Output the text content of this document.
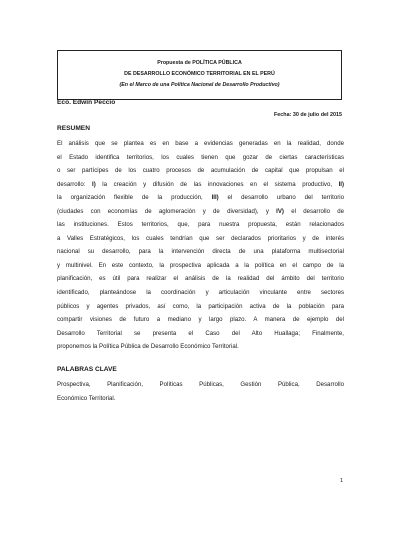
Propuesta de POLÍTICA PÚBLICA
DE DESARROLLO ECONÓMICO TERRITORIAL EN EL PERÚ
(En el Marco de una Política Nacional de Desarrollo Productivo)
Eco. Edwin Peccio
Fecha: 30 de julio del 2015
RESUMEN
El análisis que se plantea es en base a evidencias generadas en la realidad, donde
el Estado identifica territorios, los cuales tienen que gozar de ciertas características
o ser partícipes de los cuatro procesos de acumulación de capital que propulsan el
desarrollo: I) la creación y difusión de las innovaciones en el sistema productivo, II)
la organización flexible de la producción, III) el desarrollo urbano del territorio
(ciudades con economías de aglomeración y de diversidad), y IV) el desarrollo de
las instituciones. Estos territorios, que, para nuestra propuesta, están relacionados
a Valles Estratégicos, los cuales tendrían que ser declarados prioritarios y de interés
nacional su desarrollo, para la intervención directa de una plataforma multisectorial
y multinivel. En este contexto, la prospectiva aplicada a la política en el campo de la
planificación, es útil para realizar el análisis de la realidad del ámbito del territorio
identificado, planteándose la coordinación y articulación vinculante entre sectores
públicos y agentes privados, así como, la participación activa de la población para
compartir visiones de futuro a mediano y largo plazo. A manera de ejemplo del
Desarrollo Territorial se presenta el Caso del Alto Huallaga; Finalmente,
proponemos la Política Pública de Desarrollo Económico Territorial.
PALABRAS CLAVE
Prospectiva, Planificación, Políticas Públicas, Gestión Pública, Desarrollo
Económico Territorial.
1
